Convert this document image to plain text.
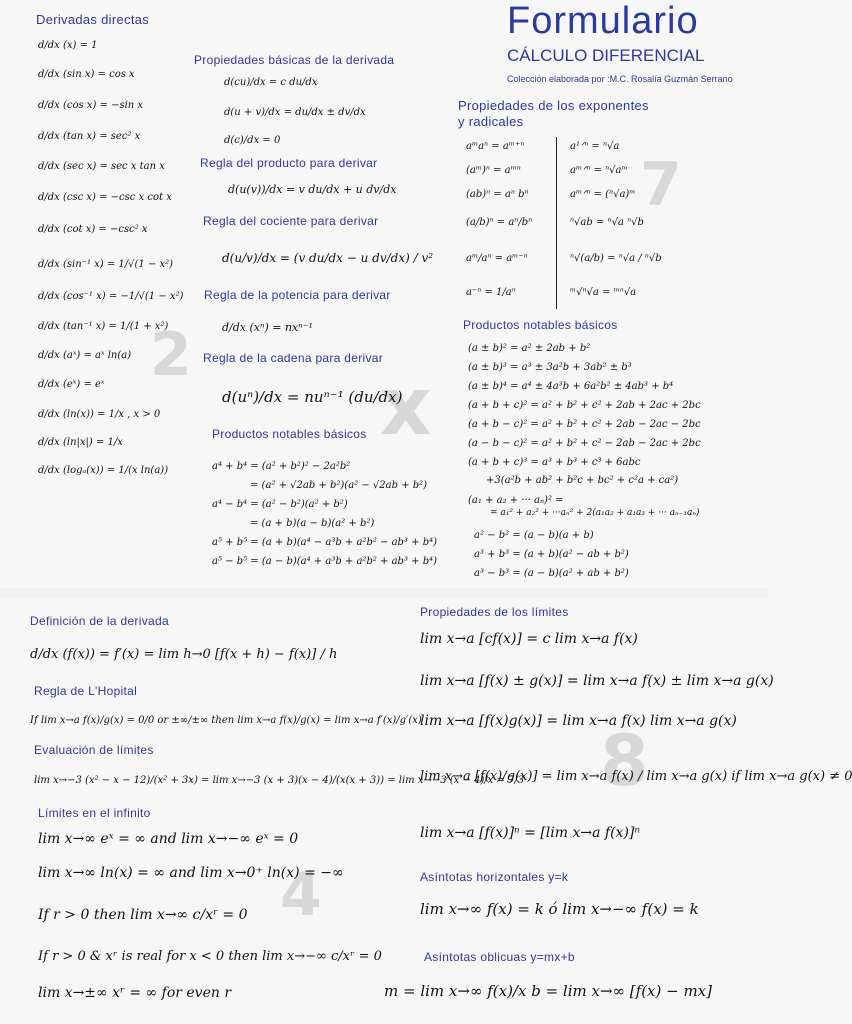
7
x
2
8
4
Formulario
CÁLCULO DIFERENCIAL
Colección elaborada por :M.C. Rosalía Guzmán Serrano
Derivadas directas
Propiedades básicas de la derivada
Regla del producto para derivar
Regla del cociente para derivar
Regla de la potencia para derivar
Regla de la cadena para derivar
Productos notables básicos
Propiedades de los exponentes y radicales
Productos notables básicos
Definición de la derivada
Regla de L'Hopital
Evaluación de límites
Límites en el infinito
Propiedades de los límites
Asíntotas horizontales y=k
Asíntotas oblicuas y=mx+b
d/dx (x) = 1
d/dx (sin x) = cos x
d/dx (cos x) = −sin x
d/dx (tan x) = sec² x
d/dx (sec x) = sec x tan x
d/dx (csc x) = −csc x cot x
d/dx (cot x) = −csc² x
d/dx (sin⁻¹ x) = 1/√(1 − x²)
d/dx (cos⁻¹ x) = −1/√(1 − x²)
d/dx (tan⁻¹ x) = 1/(1 + x²)
d/dx (aˣ) = aˣ ln(a)
d/dx (eˣ) = eˣ
d/dx (ln(x)) = 1/x , x > 0
d/dx (ln|x|) = 1/x
d/dx (logₐ(x)) = 1/(x ln(a))
d(cu)/dx = c du/dx
d(u + v)/dx = du/dx ± dv/dx
d(c)/dx = 0
d(u(v))/dx = v du/dx + u dv/dx
d(u/v)/dx = (v du/dx − u dv/dx) / v²
d/dx (xⁿ) = nxⁿ⁻¹
d(uⁿ)/dx = nuⁿ⁻¹ (du/dx)
a⁴ + b⁴ = (a² + b²)² − 2a²b²
= (a² + √2ab + b²)(a² − √2ab + b²)
a⁴ − b⁴ = (a² − b²)(a² + b²)
= (a + b)(a − b)(a² + b²)
a⁵ + b⁵ = (a + b)(a⁴ − a³b + a²b² − ab³ + b⁴)
a⁵ − b⁵ = (a − b)(a⁴ + a³b + a²b² + ab³ + b⁴)
aᵐaⁿ = aᵐ⁺ⁿ
(aᵐ)ⁿ = aᵐⁿ
(ab)ⁿ = aⁿ bⁿ
(a/b)ⁿ = aⁿ/bⁿ
aᵐ/aⁿ = aᵐ⁻ⁿ
a⁻ⁿ = 1/aⁿ
a¹ᐟⁿ = ⁿ√a
aᵐᐟⁿ = ⁿ√aᵐ
aᵐᐟⁿ = (ⁿ√a)ᵐ
ⁿ√ab = ⁿ√a ⁿ√b
ⁿ√(a/b) = ⁿ√a / ⁿ√b
ᵐ√ⁿ√a = ᵐⁿ√a
(a ± b)² = a² ± 2ab + b²
(a ± b)³ = a³ ± 3a²b + 3ab² ± b³
(a ± b)⁴ = a⁴ ± 4a³b + 6a²b² ± 4ab³ + b⁴
(a + b + c)² = a² + b² + c² + 2ab + 2ac + 2bc
(a + b − c)² = a² + b² + c² + 2ab − 2ac − 2bc
(a − b − c)² = a² + b² + c² − 2ab − 2ac + 2bc
(a + b + c)³ = a³ + b³ + c³ + 6abc
+3(a²b + ab² + b²c + bc² + c²a + ca²)
(a₁ + a₂ + ··· aₙ)² =
= a₁² + a₂² + ···aₙ² + 2(a₁a₂ + a₁a₃ + ··· aₙ₋₁aₙ)
a² − b² = (a − b)(a + b)
a³ + b³ = (a + b)(a² − ab + b²)
a³ − b³ = (a − b)(a² + ab + b²)
d/dx (f(x)) = f′(x) = lim h→0 [f(x + h) − f(x)] / h
If lim x→a f(x)/g(x) = 0/0 or ±∞/±∞ then lim x→a f(x)/g(x) = lim x→a f′(x)/g′(x)
lim x→−3 (x² − x − 12)/(x² + 3x) = lim x→−3 (x + 3)(x − 4)/(x(x + 3)) = lim x→−3 (x − 4)/x = 7/3
lim x→∞ eˣ = ∞ and lim x→−∞ eˣ = 0
lim x→∞ ln(x) = ∞ and lim x→0⁺ ln(x) = −∞
If r > 0 then lim x→∞ c/xʳ = 0
If r > 0 & xʳ is real for x < 0 then lim x→−∞ c/xʳ = 0
lim x→±∞ xʳ = ∞ for even r
lim x→a [cf(x)] = c lim x→a f(x)
lim x→a [f(x) ± g(x)] = lim x→a f(x) ± lim x→a g(x)
lim x→a [f(x)g(x)] = lim x→a f(x) lim x→a g(x)
lim x→a [f(x)/g(x)] = lim x→a f(x) / lim x→a g(x) if lim x→a g(x) ≠ 0
lim x→a [f(x)]ⁿ = [lim x→a f(x)]ⁿ
lim x→∞ f(x) = k ó lim x→−∞ f(x) = k
m = lim x→∞ f(x)/x b = lim x→∞ [f(x) − mx]
